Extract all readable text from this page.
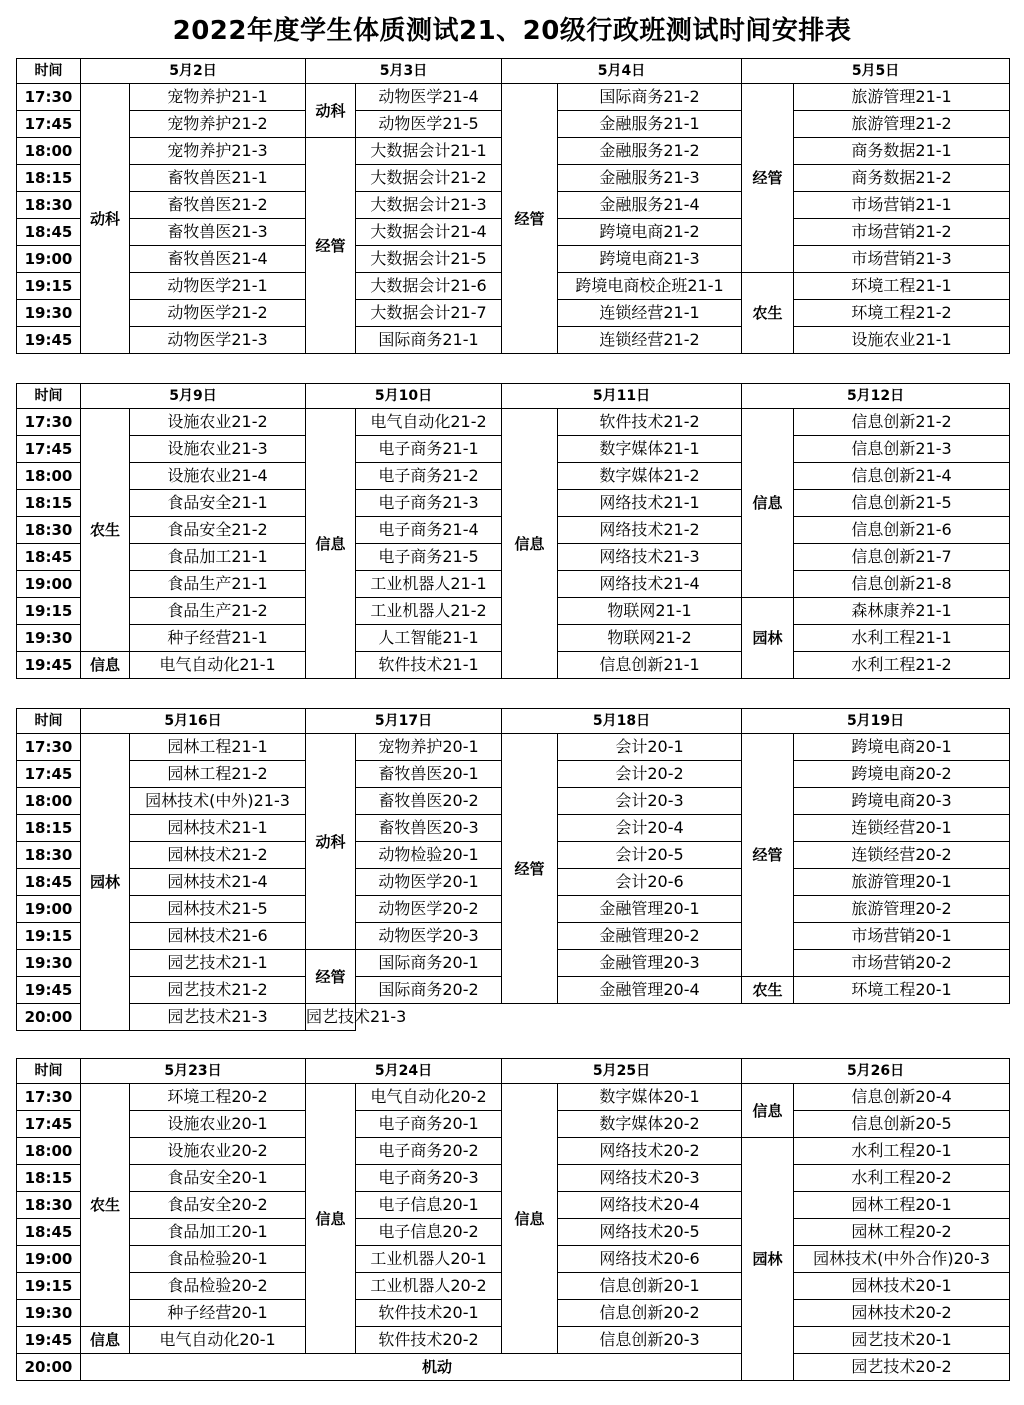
2022年度学生体质测试21、20级行政班测试时间安排表
时间	5月2日		5月3日		5月4日		5月5日	
17:30	动科	宠物养护21-1	动科	动物医学21-4	经管	国际商务21-2	经管	旅游管理21-1
17:45		宠物养护21-2		动物医学21-5		金融服务21-1		旅游管理21-2
18:00		宠物养护21-3	经管	大数据会计21-1		金融服务21-2		商务数据21-1
18:15		畜牧兽医21-1		大数据会计21-2		金融服务21-3		商务数据21-2
18:30		畜牧兽医21-2		大数据会计21-3		金融服务21-4		市场营销21-1
18:45		畜牧兽医21-3		大数据会计21-4		跨境电商21-2		市场营销21-2
19:00		畜牧兽医21-4		大数据会计21-5		跨境电商21-3		市场营销21-3
19:15		动物医学21-1		大数据会计21-6		跨境电商校企班21-1	农生	环境工程21-1
19:30		动物医学21-2		大数据会计21-7		连锁经营21-1		环境工程21-2
19:45		动物医学21-3		国际商务21-1		连锁经营21-2		设施农业21-1
时间	5月9日		5月10日		5月11日		5月12日	
17:30	农生	设施农业21-2	信息	电气自动化21-2	信息	软件技术21-2	信息	信息创新21-2
17:45		设施农业21-3		电子商务21-1		数字媒体21-1		信息创新21-3
18:00		设施农业21-4		电子商务21-2		数字媒体21-2		信息创新21-4
18:15		食品安全21-1		电子商务21-3		网络技术21-1		信息创新21-5
18:30		食品安全21-2		电子商务21-4		网络技术21-2		信息创新21-6
18:45		食品加工21-1		电子商务21-5		网络技术21-3		信息创新21-7
19:00		食品生产21-1		工业机器人21-1		网络技术21-4		信息创新21-8
19:15		食品生产21-2		工业机器人21-2		物联网21-1	园林	森林康养21-1
19:30		种子经营21-1		人工智能21-1		物联网21-2		水利工程21-1
19:45	信息	电气自动化21-1		软件技术21-1		信息创新21-1		水利工程21-2
时间	5月16日		5月17日		5月18日		5月19日	
17:30	园林	园林工程21-1	动科	宠物养护20-1	经管	会计20-1	经管	跨境电商20-1
17:45		园林工程21-2		畜牧兽医20-1		会计20-2		跨境电商20-2
18:00		园林技术(中外)21-3		畜牧兽医20-2		会计20-3		跨境电商20-3
18:15		园林技术21-1		畜牧兽医20-3		会计20-4		连锁经营20-1
18:30		园林技术21-2		动物检验20-1		会计20-5		连锁经营20-2
18:45		园林技术21-4		动物医学20-1		会计20-6		旅游管理20-1
19:00		园林技术21-5		动物医学20-2		金融管理20-1		旅游管理20-2
19:15		园林技术21-6		动物医学20-3		金融管理20-2		市场营销20-1
19:30		园艺技术21-1	经管	国际商务20-1		金融管理20-3		市场营销20-2
19:45		园艺技术21-2		国际商务20-2		金融管理20-4	农生	环境工程20-1
20:00		园艺技术21-3	园艺技术21-3					
时间	5月23日		5月24日		5月25日		5月26日	
17:30	农生	环境工程20-2	信息	电气自动化20-2	信息	数字媒体20-1	信息	信息创新20-4
17:45		设施农业20-1		电子商务20-1		数字媒体20-2		信息创新20-5
18:00		设施农业20-2		电子商务20-2		网络技术20-2	园林	水利工程20-1
18:15		食品安全20-1		电子商务20-3		网络技术20-3		水利工程20-2
18:30		食品安全20-2		电子信息20-1		网络技术20-4		园林工程20-1
18:45		食品加工20-1		电子信息20-2		网络技术20-5		园林工程20-2
19:00		食品检验20-1		工业机器人20-1		网络技术20-6		园林技术(中外合作)20-3
19:15		食品检验20-2		工业机器人20-2		信息创新20-1		园林技术20-1
19:30		种子经营20-1		软件技术20-1		信息创新20-2		园林技术20-2
19:45	信息	电气自动化20-1		软件技术20-2		信息创新20-3		园艺技术20-1
20:00	机动							园艺技术20-2
